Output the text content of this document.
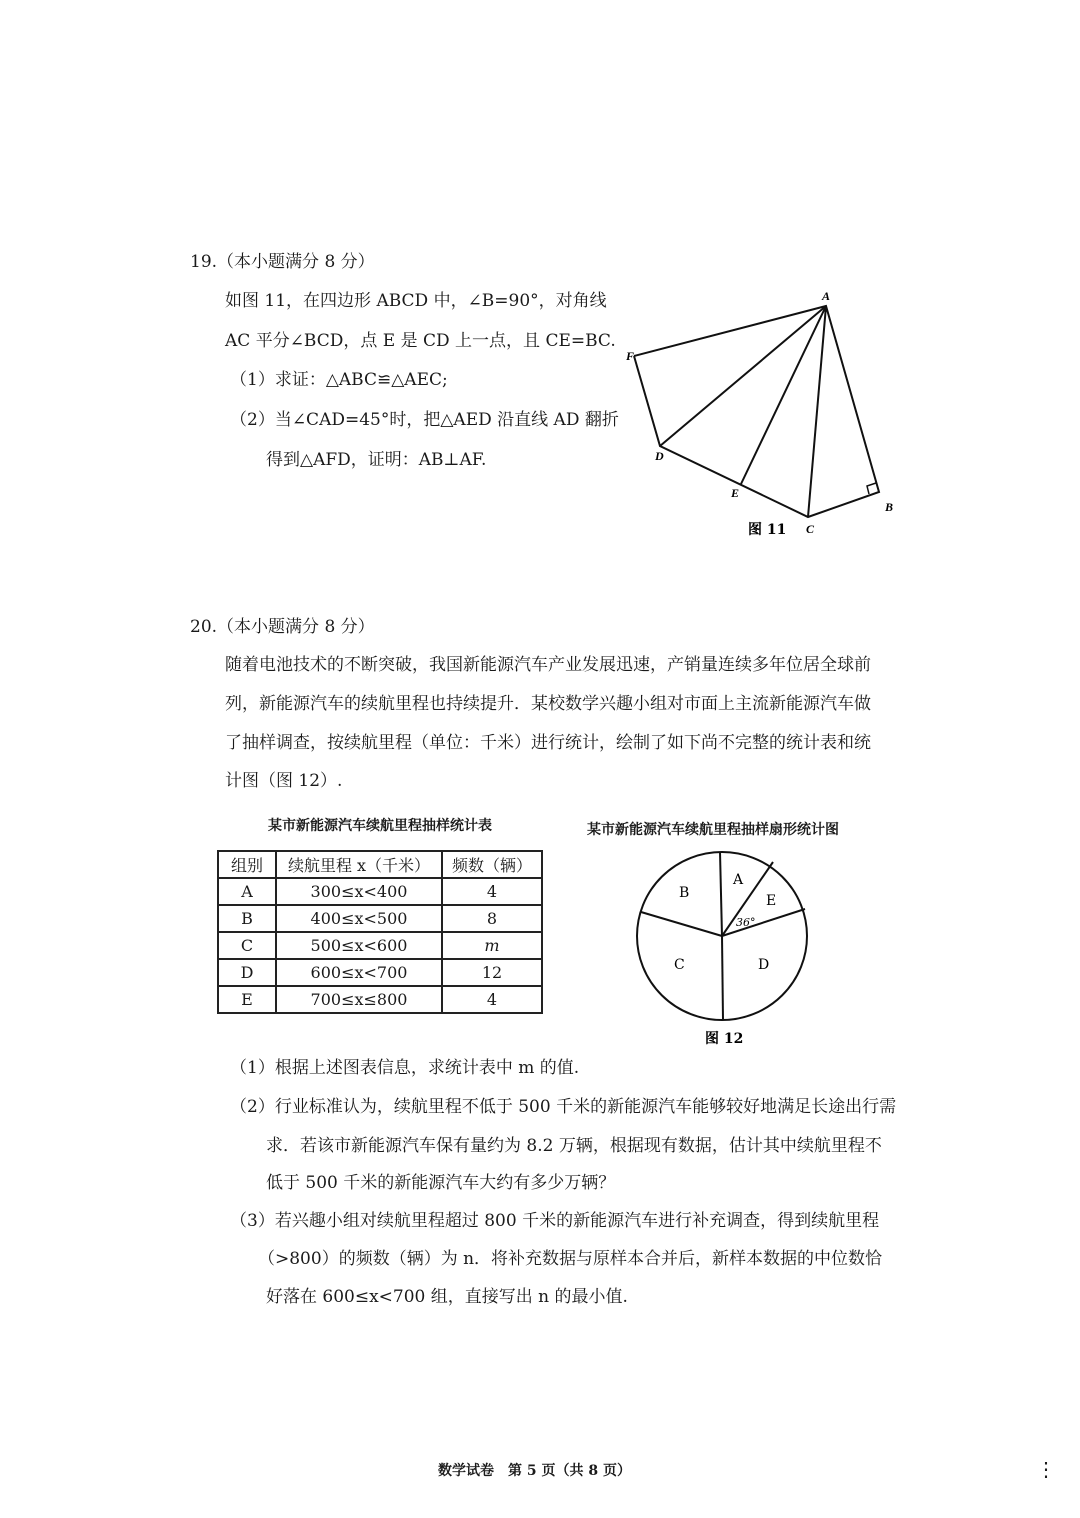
19.（本小题满分 8 分）
如图 11，在四边形 ABCD 中，∠B=90°，对角线
AC 平分∠BCD，点 E 是 CD 上一点，且 CE=BC.
（1）求证：△ABC≌△AEC;
（2）当∠CAD=45°时，把△AED 沿直线 AD 翻折
得到△AFD，证明：AB⊥AF.
A
F
D
E
C
B
图 11
A
B
C	D
E
36°
图 12
20.（本小题满分 8 分）
随着电池技术的不断突破，我国新能源汽车产业发展迅速，产销量连续多年位居全球前
列，新能源汽车的续航里程也持续提升．某校数学兴趣小组对市面上主流新能源汽车做
了抽样调查，按续航里程（单位：千米）进行统计，绘制了如下尚不完整的统计表和统
计图（图 12）.
某市新能源汽车续航里程抽样统计表	某市新能源汽车续航里程抽样扇形统计图
组别	续航里程 x（千米）	频数（辆）
A	300≤x<400	4
B	400≤x<500	8
C	500≤x<600	m
D	600≤x<700	12
E	700≤x≤800	4
（1）根据上述图表信息，求统计表中 m 的值.
（2）行业标准认为，续航里程不低于 500 千米的新能源汽车能够较好地满足长途出行需
求．若该市新能源汽车保有量约为 8.2 万辆，根据现有数据，估计其中续航里程不
低于 500 千米的新能源汽车大约有多少万辆？
（3）若兴趣小组对续航里程超过 800 千米的新能源汽车进行补充调查，得到续航里程
（>800）的频数（辆）为 n．将补充数据与原样本合并后，新样本数据的中位数恰
好落在 600≤x<700 组，直接写出 n 的最小值.
数学试卷　第 5 页（共 8 页）	⋮
